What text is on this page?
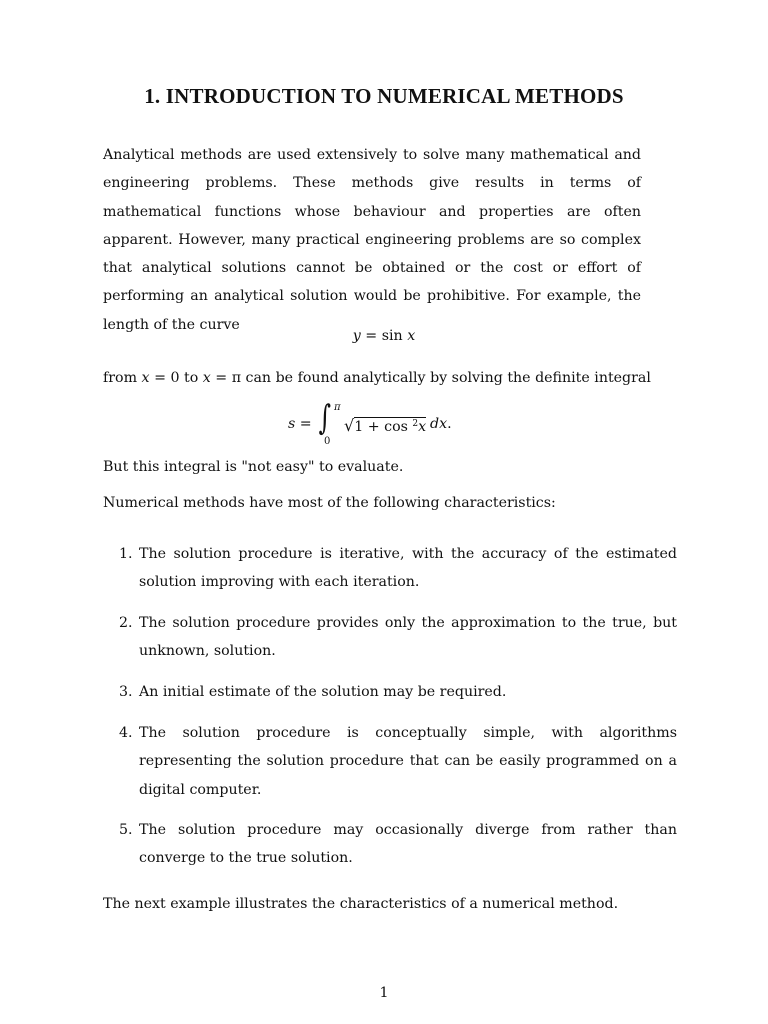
1. INTRODUCTION TO NUMERICAL METHODS
Analytical methods are used extensively to solve many mathematical and engineering problems. These methods give results in terms of mathematical functions whose behaviour and properties are often apparent. However, many practical engineering problems are so complex that analytical solutions cannot be obtained or the cost or effort of performing an analytical solution would be prohibitive. For example, the length of the curve
y = sin x
from x = 0 to x = π can be found analytically by solving the definite integral
s = ∫ π
0
√1 + cos $^2$x dx.
But this integral is "not easy" to evaluate.
Numerical methods have most of the following characteristics:
1. The solution procedure is iterative, with the accuracy of the estimated solution improving with each iteration.
2. The solution procedure provides only the approximation to the true, but unknown, solution.
3. An initial estimate of the solution may be required.
4. The solution procedure is conceptually simple, with algorithms representing the solution procedure that can be easily programmed on a digital computer.
5. The solution procedure may occasionally diverge from rather than converge to the true solution.
The next example illustrates the characteristics of a numerical method.
1
